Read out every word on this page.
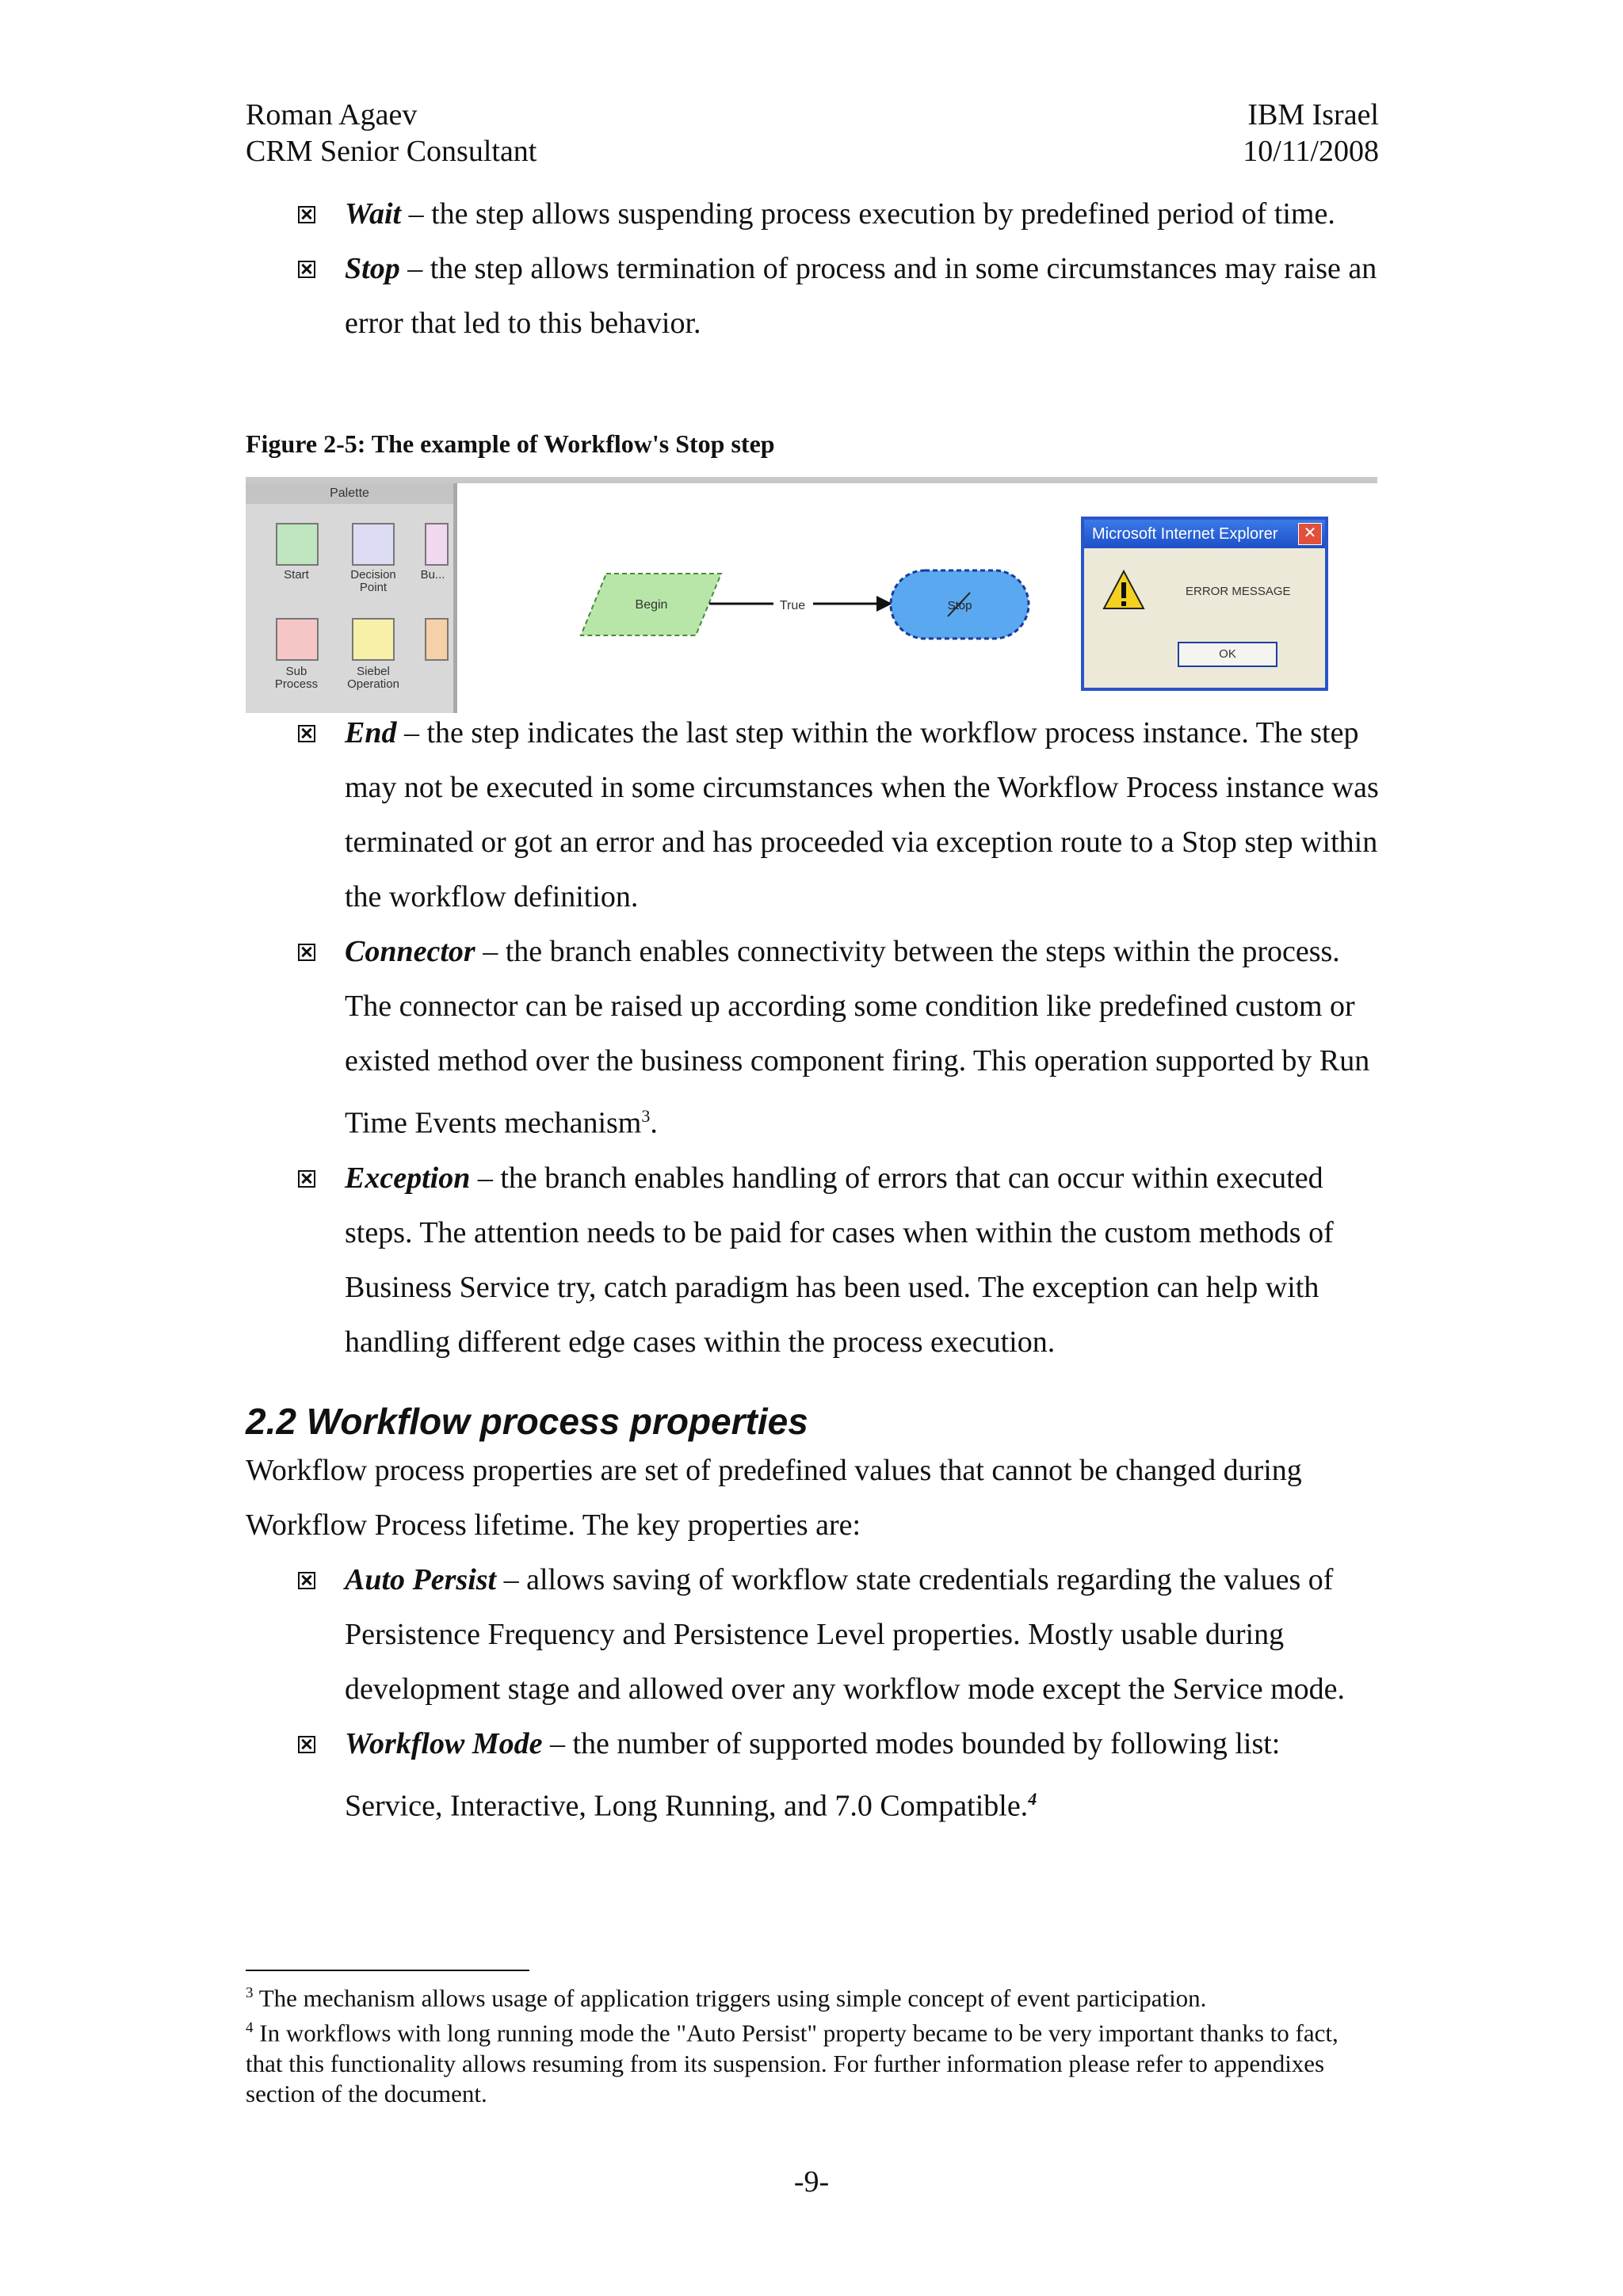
Roman Agaev
CRM Senior Consultant
IBM Israel
10/11/2008
Wait – the step allows suspending process execution by predefined period of time.
Stop – the step allows termination of process and in some circumstances may raise an error that led to this behavior.
Figure 2-5: The example of Workflow's Stop step
Palette
Start	Decision Point
Bu...
Sub Process
Siebel Operation
Begin	True	Stop
Microsoft Internet Explorer	✕
ERROR MESSAGE
OK
End – the step indicates the last step within the workflow process instance. The step may not be executed in some circumstances when the Workflow Process instance was terminated or got an error and has proceeded via exception route to a Stop step within the workflow definition.
Connector – the branch enables connectivity between the steps within the process. The connector can be raised up according some condition like predefined custom or existed method over the business component firing. This operation supported by Run Time Events mechanism$^3$.
Exception – the branch enables handling of errors that can occur within executed steps. The attention needs to be paid for cases when within the custom methods of Business Service try, catch paradigm has been used. The exception can help with handling different edge cases within the process execution.
2.2 Workflow process properties
Workflow process properties are set of predefined values that cannot be changed during Workflow Process lifetime. The key properties are:
Auto Persist – allows saving of workflow state credentials regarding the values of Persistence Frequency and Persistence Level properties. Mostly usable during development stage and allowed over any workflow mode except the Service mode.
Workflow Mode – the number of supported modes bounded by following list: Service, Interactive, Long Running, and 7.0 Compatible.$^4$
$^3$ The mechanism allows usage of application triggers using simple concept of event participation.
$^4$ In workflows with long running mode the "Auto Persist" property became to be very important thanks to fact, that this functionality allows resuming from its suspension. For further information please refer to appendixes section of the document.
-9-
